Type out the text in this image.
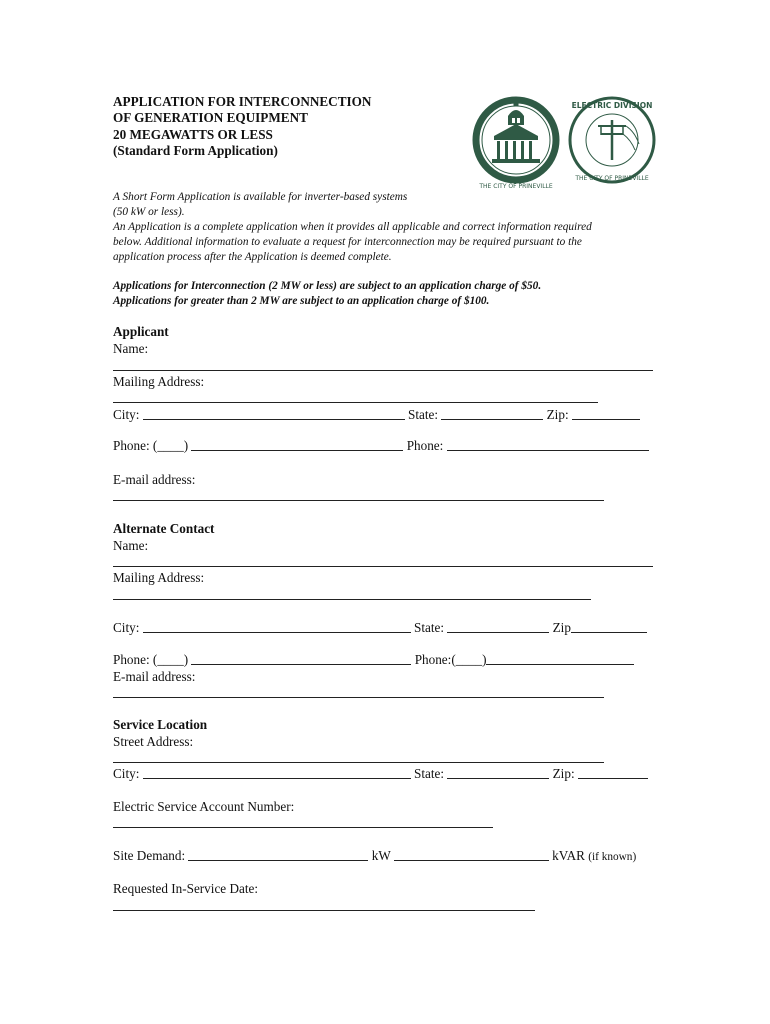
APPLICATION FOR INTERCONNECTION
OF GENERATION EQUIPMENT
20 MEGAWATTS OR LESS
(Standard Form Application)
THE CITY OF PRINEVILLE
ELECTRIC DIVISION
THE CITY OF PRINEVILLE
A Short Form Application is available for inverter-based systems
(50 kW or less).
An Application is a complete application when it provides all applicable and correct information required
below. Additional information to evaluate a request for interconnection may be required pursuant to the
application process after the Application is deemed complete.
Applications for Interconnection (2 MW or less) are subject to an application charge of $50.
Applications for greater than 2 MW are subject to an application charge of $100.
Applicant
Name:

Mailing Address:

City:	State:	Zip:
Phone: (____)	Phone:
E-mail address:

Alternate Contact
Name:

Mailing Address:

City:	State:	Zip
Phone: (____)	Phone:(____)
E-mail address:

Service Location
Street Address:

City:	State:	Zip:
Electric Service Account Number:

Site Demand:	kW	kVAR (if known)
Requested In-Service Date:
